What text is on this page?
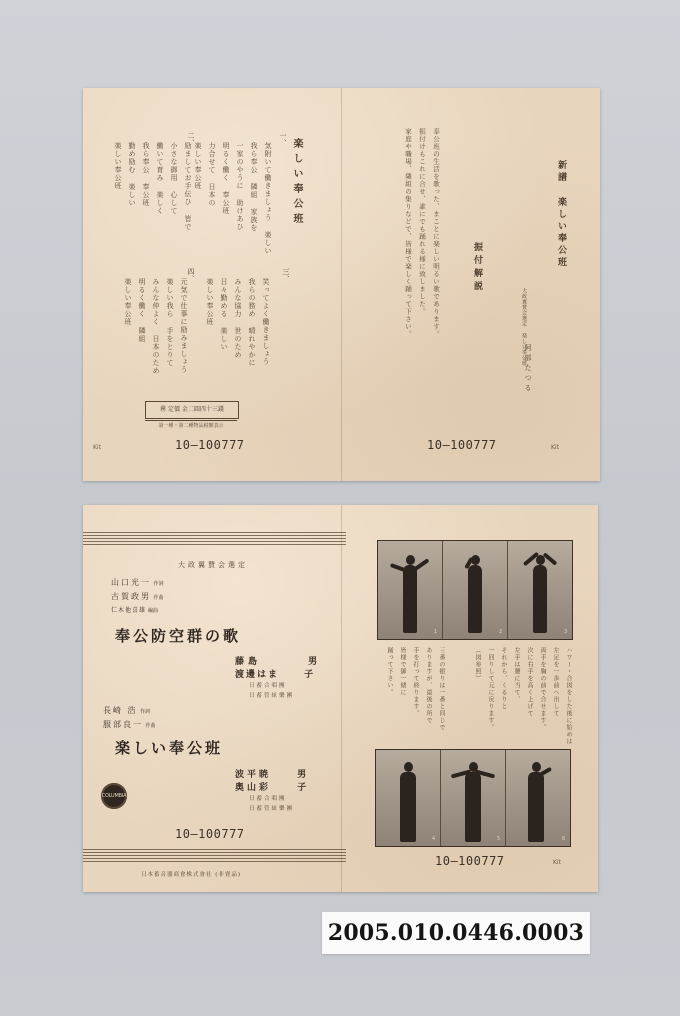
楽しい奉公班
一、
気附いて働きましょう 楽しい
我ら奉公 隣組 家族を
一家のやうに 助けあひ
明るく働く 奉公班
力合せて 日本の
楽しい奉公班
二、
励ましてお手伝ひ 皆で
小さな御用 心して
働いて育み 楽しく
我ら奉公 奉公班
勤め励む 楽しい
楽しい奉公班
三、
笑ってよく働きましょう
我らの務め 晴れやかに
みんな協力 世のため
日々勤める 楽しい
楽しい奉公班
四、
元気で仕事に励みましょう
楽しい我ら 手をとりて
みんな仲よく 日本のため
明るく働く 隣組
楽しい奉公班
㊝ 定價 金二圓四十三錢
第一種・第二種物品税額表示
Kit	10—100777
新譜 楽しい奉公班
大政翼賛会選定 楽しい奉公班
阿部たつる
振付解説
奉公班の生活を歌った、まことに楽しい明るい歌であります。
振付けもこれに合せ、誰にでも踊れる様に致しました。
家庭や職場、隣組の集りなどで、皆様で楽しく踊って下さい。
10—100777	Kit
大政翼賛会選定
山口光一 作詞
古賀政男 作曲
仁木他喜雄 編曲
奉公防空群の歌
藤島	男
渡邊はま	子
日蓄合唱團
日蓄管絃樂團
長崎 浩 作詞
服部良一 作曲
楽しい奉公班
波平暁	男
奥山彩	子
日蓄合唱團
日蓄管絃樂團
COLUMBIA
10—100777
日本蓄音器商會株式會社 (非賣品)
1	2	3
ハワー・合図をした後に始めは
左足を一歩前へ出して
両手を胸の前で合せます。
次に右手を高く上げて
左手は腰に当て、
それから、くるりと
一回りして元に戻ります。
（図参照）
三番の振りは一番と同じで
ありますが、最後の所で
手を打って終ります。
皆様で御一緒に
踊って下さい。
4	5	6
10—100777	Kit
2005.010.0446.0003
